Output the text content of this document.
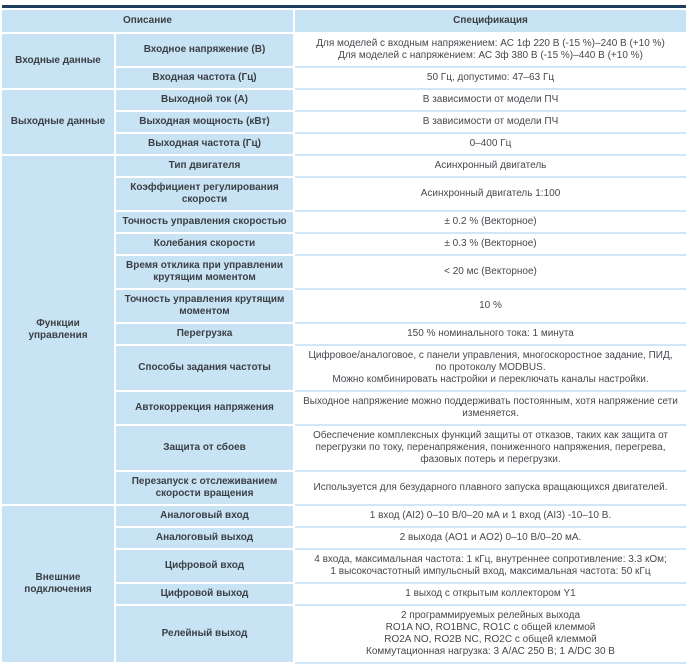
Описание		Спецификация
Входные данные	Входное напряжение (В)	Для моделей с входным напряжением: АС 1ф 220 В (-15 %)–240 В (+10 %)
Для моделей с напряжением: АС 3ф 380 В (-15 %)–440 В (+10 %)

	Входная частота (Гц)	50 Гц, допустимо: 47–63 Гц

Выходные данные	Выходной ток (А)	В зависимости от модели ПЧ

	Выходная мощность (кВт)	В зависимости от модели ПЧ

	Выходная частота (Гц)	0–400 Гц

Функции управления	Тип двигателя	Асинхронный двигатель

	Коэффициент регулирования скорости	Асинхронный двигатель 1:100

	Точность управления скоростью	± 0.2 % (Векторное)

	Колебания скорости	± 0.3 % (Векторное)

	Время отклика при управлении крутящим моментом	< 20 мс (Векторное)

	Точность управления крутящим моментом	10 %

	Перегрузка	150 % номинального тока: 1 минута

	Способы задания частоты	Цифровое/аналоговое, с панели управления, многоскоростное задание, ПИД, по протоколу MODBUS.
Можно комбинировать настройки и переключать каналы настройки.

	Автокоррекция напряжения	Выходное напряжение можно поддерживать постоянным, хотя напряжение сети изменяется.

	Защита от сбоев	Обеспечение комплексных функций защиты от отказов, таких как защита от перегрузки по току, перенапряжения, пониженного напряжения, перегрева, фазовых потерь и перегрузки.

	Перезапуск с отслеживанием скорости вращения	Используется для безударного плавного запуска вращающихся двигателей.

Внешние подключения	Аналоговый вход	1 вход (AI2) 0–10 В/0–20 мА и 1 вход (AI3) -10–10 В.

	Аналоговый выход	2 выхода (AO1 и AO2) 0–10 В/0–20 мА.

	Цифровой вход	4 входа, максимальная частота: 1 кГц, внутреннее сопротивление: 3.3 кОм;
1 высокочастотный импульсный вход, максимальная частота: 50 кГц

	Цифровой выход	1 выход с открытым коллектором Y1

	Релейный выход	2 программируемых релейных выхода
RO1A NO, RO1BNC, RO1C с общей клеммой
RO2A NO, RO2B NC, RO2C с общей клеммой
Коммутационная нагрузка: 3 А/АС 250 В; 1 А/DC 30 В
